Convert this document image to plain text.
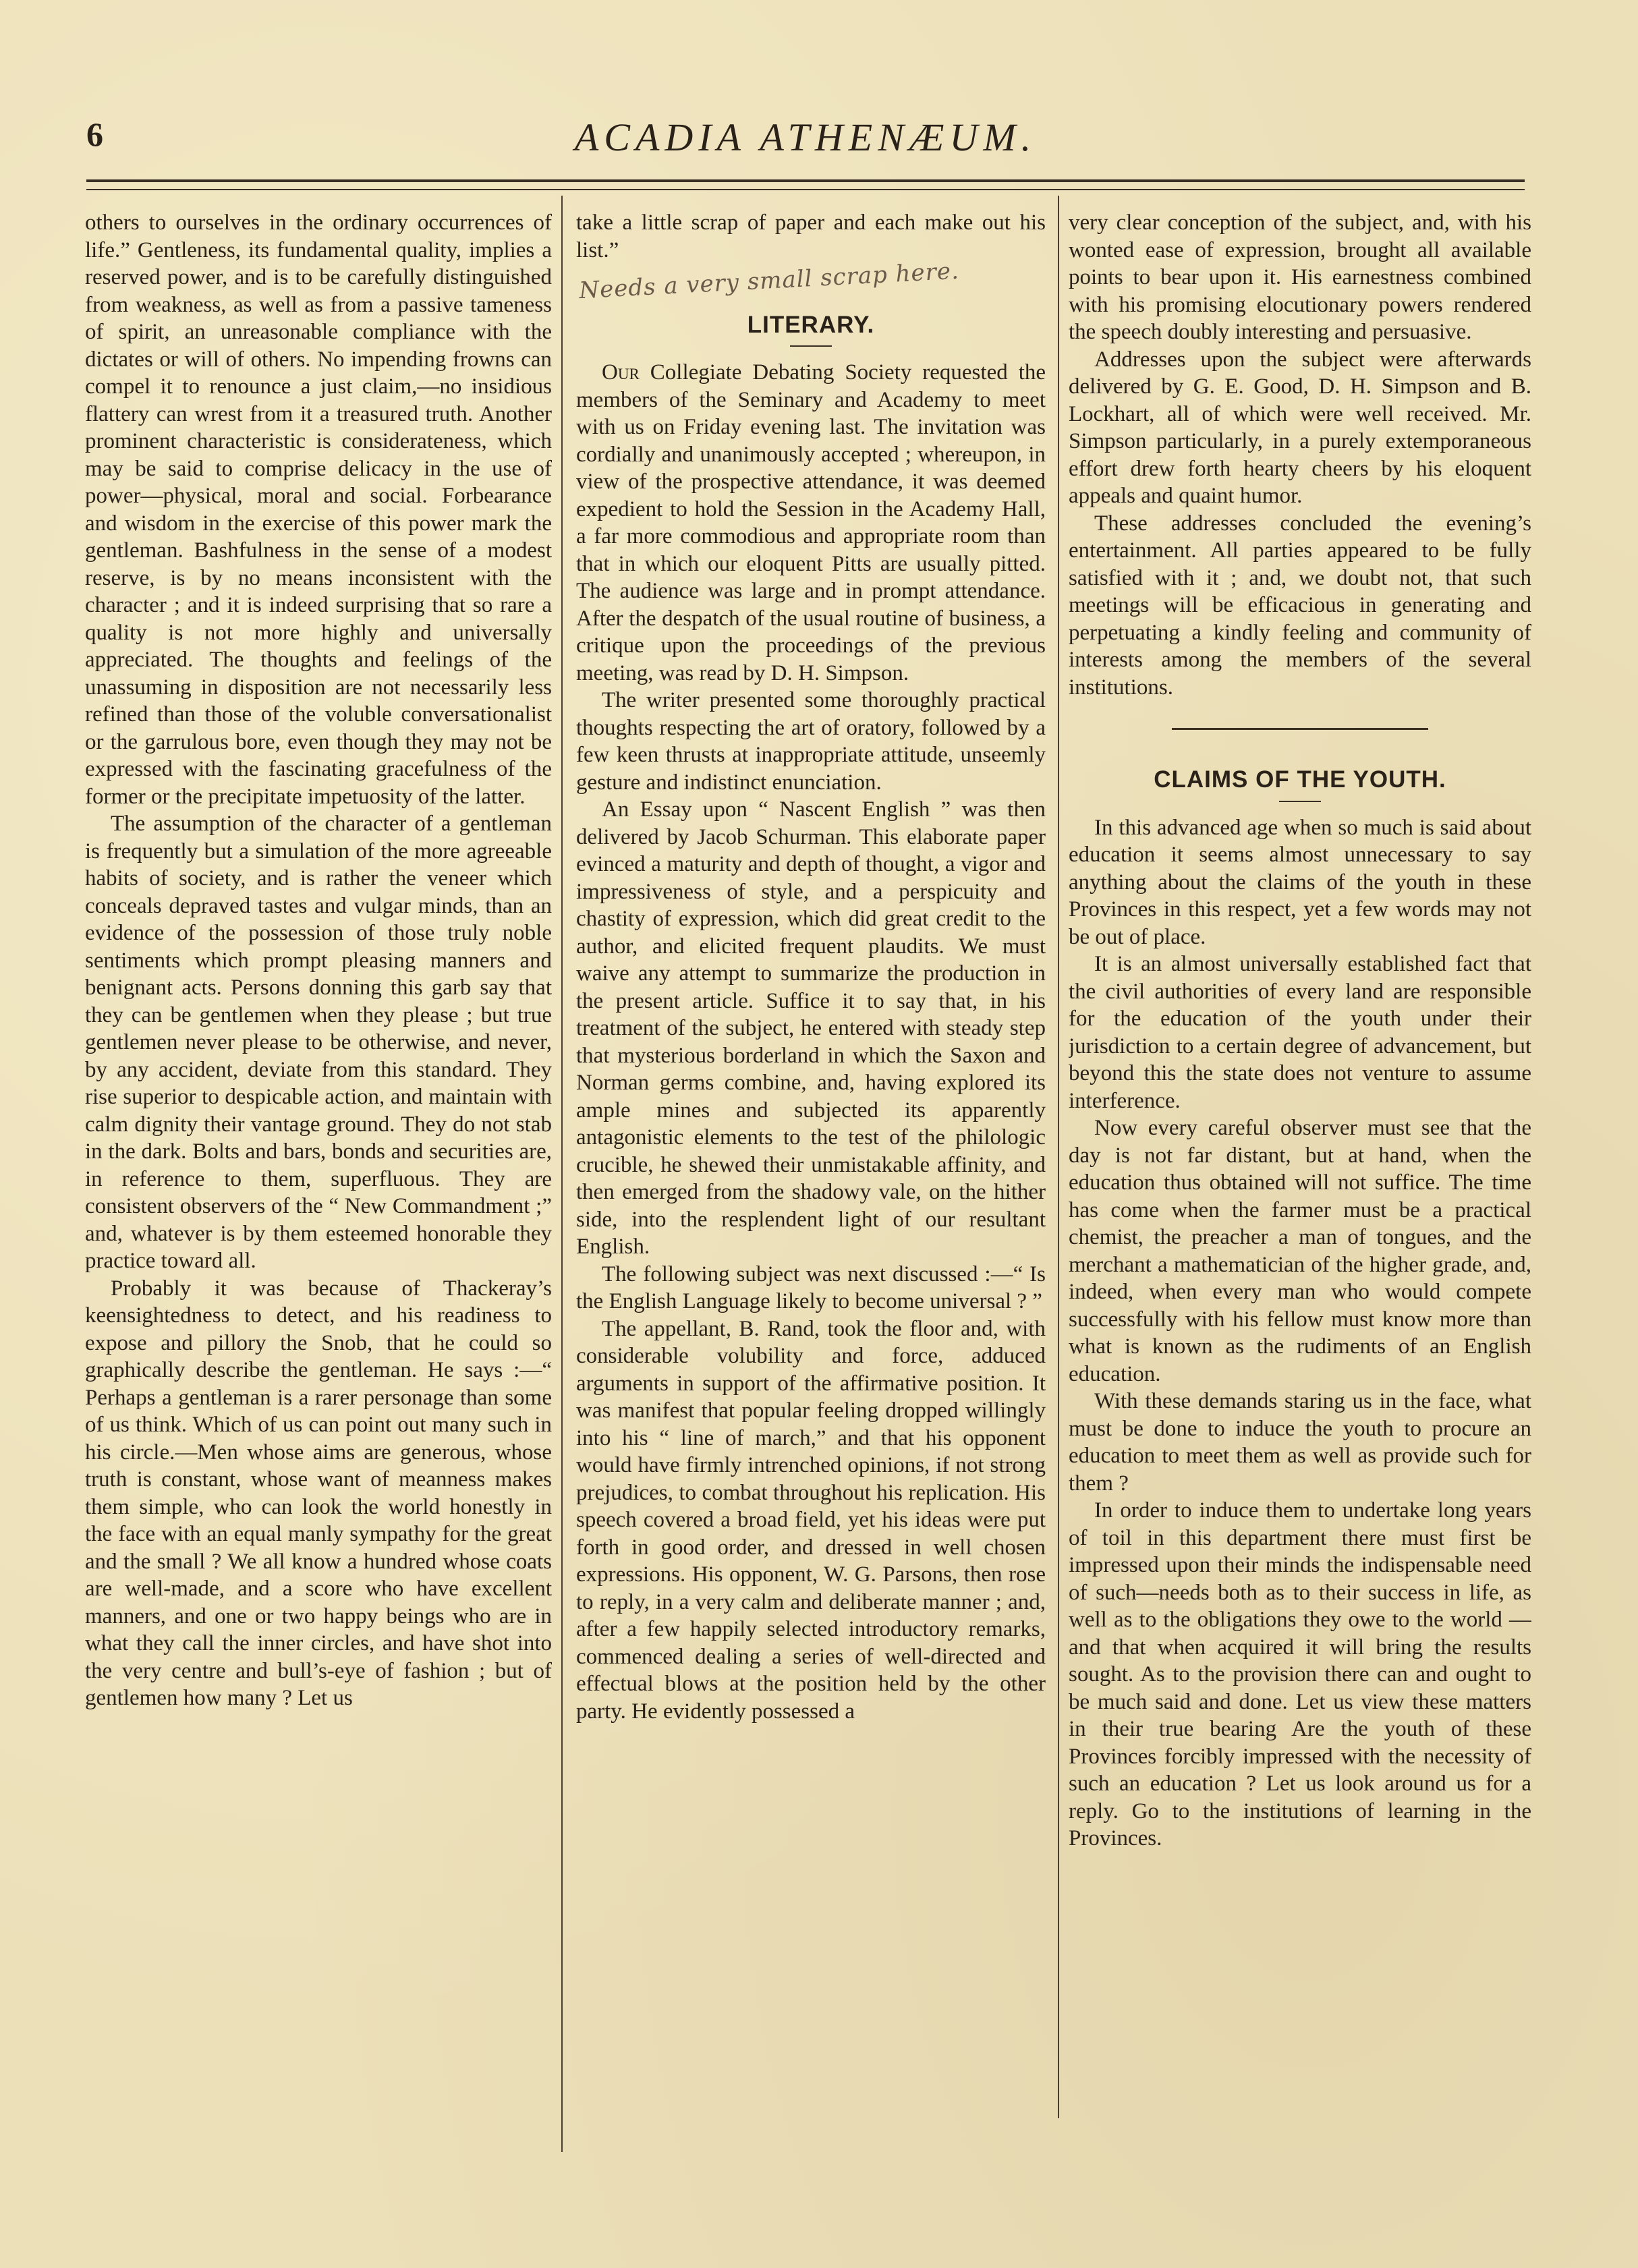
6	ACADIA ATHENÆUM.

others to ourselves in the ordinary occurrences of life.” Gentleness, its fundamental quality, implies a reserved power, and is to be carefully distinguished from weakness, as well as from a passive tameness of spirit, an unreasonable compliance with the dictates or will of others. No impending frowns can compel it to renounce a just claim,—no insidious flattery can wrest from it a treasured truth. Another prominent characteristic is considerateness, which may be said to comprise delicacy in the use of power—physical, moral and social. Forbearance and wisdom in the exercise of this power mark the gentleman. Bashfulness in the sense of a modest reserve, is by no means inconsistent with the character ; and it is indeed surprising that so rare a quality is not more highly and universally appreciated. The thoughts and feelings of the unassuming in disposition are not necessarily less refined than those of the voluble conversationalist or the garrulous bore, even though they may not be expressed with the fascinating gracefulness of the former or the precipitate impetuosity of the latter.

The assumption of the character of a gentleman is frequently but a simulation of the more agreeable habits of society, and is rather the veneer which conceals depraved tastes and vulgar minds, than an evidence of the possession of those truly noble sentiments which prompt pleasing manners and benignant acts. Persons donning this garb say that they can be gentlemen when they please ; but true gentlemen never please to be otherwise, and never, by any accident, deviate from this standard. They rise superior to despicable action, and maintain with calm dignity their vantage ground. They do not stab in the dark. Bolts and bars, bonds and securities are, in reference to them, superfluous. They are consistent observers of the “ New Commandment ;” and, whatever is by them esteemed honorable they practice toward all.

Probably it was because of Thackeray’s keensightedness to detect, and his readiness to expose and pillory the Snob, that he could so graphically describe the gentleman. He says :—“ Perhaps a gentleman is a rarer personage than some of us think. Which of us can point out many such in his circle.—Men whose aims are generous, whose truth is constant, whose want of meanness makes them simple, who can look the world honestly in the face with an equal manly sympathy for the great and the small ? We all know a hundred whose coats are well-made, and a score who have excellent manners, and one or two happy beings who are in what they call the inner circles, and have shot into the very centre and bull’s-eye of fashion ; but of gentlemen how many ? Let us

take a little scrap of paper and each make out his list.”

Needs a very small scrap here.
LITERARY.

Our Collegiate Debating Society requested the members of the Seminary and Academy to meet with us on Friday evening last. The invitation was cordially and unanimously accepted ; whereupon, in view of the prospective attendance, it was deemed expedient to hold the Session in the Academy Hall, a far more commodious and appropriate room than that in which our eloquent Pitts are usually pitted. The audience was large and in prompt attendance. After the despatch of the usual routine of business, a critique upon the proceedings of the previous meeting, was read by D. H. Simpson.

The writer presented some thoroughly practical thoughts respecting the art of oratory, followed by a few keen thrusts at inappropriate attitude, unseemly gesture and indistinct enunciation.

An Essay upon “ Nascent English ” was then delivered by Jacob Schurman. This elaborate paper evinced a maturity and depth of thought, a vigor and impressiveness of style, and a perspicuity and chastity of expression, which did great credit to the author, and elicited frequent plaudits. We must waive any attempt to summarize the production in the present article. Suffice it to say that, in his treatment of the subject, he entered with steady step that mysterious borderland in which the Saxon and Norman germs combine, and, having explored its ample mines and subjected its apparently antagonistic elements to the test of the philologic crucible, he shewed their unmistakable affinity, and then emerged from the shadowy vale, on the hither side, into the resplendent light of our resultant English.

The following subject was next discussed :—“ Is the English Language likely to become universal ? ”

The appellant, B. Rand, took the floor and, with considerable volubility and force, adduced arguments in support of the affirmative position. It was manifest that popular feeling dropped willingly into his “ line of march,” and that his opponent would have firmly intrenched opinions, if not strong prejudices, to combat throughout his replication. His speech covered a broad field, yet his ideas were put forth in good order, and dressed in well chosen expressions. His opponent, W. G. Parsons, then rose to reply, in a very calm and deliberate manner ; and, after a few happily selected introductory remarks, commenced dealing a series of well-directed and effectual blows at the position held by the other party. He evidently possessed a

very clear conception of the subject, and, with his wonted ease of expression, brought all available points to bear upon it. His earnestness combined with his promising elocutionary powers rendered the speech doubly interesting and persuasive.

Addresses upon the subject were afterwards delivered by G. E. Good, D. H. Simpson and B. Lockhart, all of which were well received. Mr. Simpson particularly, in a purely extemporaneous effort drew forth hearty cheers by his eloquent appeals and quaint humor.

These addresses concluded the evening’s entertainment. All parties appeared to be fully satisfied with it ; and, we doubt not, that such meetings will be efficacious in generating and perpetuating a kindly feeling and community of interests among the members of the several institutions.

CLAIMS OF THE YOUTH.

In this advanced age when so much is said about education it seems almost unnecessary to say anything about the claims of the youth in these Provinces in this respect, yet a few words may not be out of place.

It is an almost universally established fact that the civil authorities of every land are responsible for the education of the youth under their jurisdiction to a certain degree of advancement, but beyond this the state does not venture to assume interference.

Now every careful observer must see that the day is not far distant, but at hand, when the education thus obtained will not suffice. The time has come when the farmer must be a practical chemist, the preacher a man of tongues, and the merchant a mathematician of the higher grade, and, indeed, when every man who would compete successfully with his fellow must know more than what is known as the rudiments of an English education.

With these demands staring us in the face, what must be done to induce the youth to procure an education to meet them as well as provide such for them ?

In order to induce them to undertake long years of toil in this department there must first be impressed upon their minds the indispensable need of such—needs both as to their success in life, as well as to the obligations they owe to the world —and that when acquired it will bring the results sought. As to the provision there can and ought to be much said and done. Let us view these matters in their true bearing Are the youth of these Provinces forcibly impressed with the necessity of such an education ? Let us look around us for a reply. Go to the institutions of learning in the Provinces.
